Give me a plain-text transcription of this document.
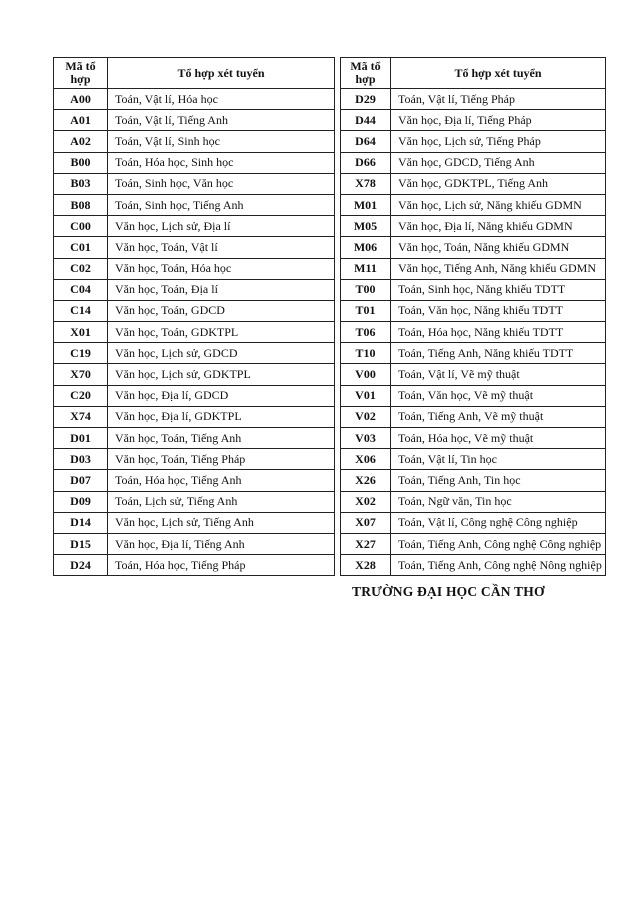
Mã tổ hợp	Tổ hợp xét tuyển
A00	Toán, Vật lí, Hóa học
A01	Toán, Vật lí, Tiếng Anh
A02	Toán, Vật lí, Sinh học
B00	Toán, Hóa học, Sinh học
B03	Toán, Sinh học, Văn học
B08	Toán, Sinh học, Tiếng Anh
C00	Văn học, Lịch sử, Địa lí
C01	Văn học, Toán, Vật lí
C02	Văn học, Toán, Hóa học
C04	Văn học, Toán, Địa lí
C14	Văn học, Toán, GDCD
X01	Văn học, Toán, GDKTPL
C19	Văn học, Lịch sử, GDCD
X70	Văn học, Lịch sử, GDKTPL
C20	Văn học, Địa lí, GDCD
X74	Văn học, Địa lí, GDKTPL
D01	Văn học, Toán, Tiếng Anh
D03	Văn học, Toán, Tiếng Pháp
D07	Toán, Hóa học, Tiếng Anh
D09	Toán, Lịch sử, Tiếng Anh
D14	Văn học, Lịch sử, Tiếng Anh
D15	Văn học, Địa lí, Tiếng Anh
D24	Toán, Hóa học, Tiếng Pháp
Mã tổ hợp	Tổ hợp xét tuyển
D29	Toán, Vật lí, Tiếng Pháp
D44	Văn học, Địa lí, Tiếng Pháp
D64	Văn học, Lịch sử, Tiếng Pháp
D66	Văn học, GDCD, Tiếng Anh
X78	Văn học, GDKTPL, Tiếng Anh
M01	Văn học, Lịch sử, Năng khiếu GDMN
M05	Văn học, Địa lí, Năng khiếu GDMN
M06	Văn học, Toán, Năng khiếu GDMN
M11	Văn học, Tiếng Anh, Năng khiếu GDMN
T00	Toán, Sinh học, Năng khiếu TDTT
T01	Toán, Văn học, Năng khiếu TDTT
T06	Toán, Hóa học, Năng khiếu TDTT
T10	Toán, Tiếng Anh, Năng khiếu TDTT
V00	Toán, Vật lí, Vẽ mỹ thuật
V01	Toán, Văn học, Vẽ mỹ thuật
V02	Toán, Tiếng Anh, Vẽ mỹ thuật
V03	Toán, Hóa học, Vẽ mỹ thuật
X06	Toán, Vật lí, Tin học
X26	Toán, Tiếng Anh, Tin học
X02	Toán, Ngữ văn, Tin học
X07	Toán, Vật lí, Công nghệ Công nghiệp
X27	Toán, Tiếng Anh, Công nghệ Công nghiệp
X28	Toán, Tiếng Anh, Công nghệ Nông nghiệp
TRƯỜNG ĐẠI HỌC CẦN THƠ
